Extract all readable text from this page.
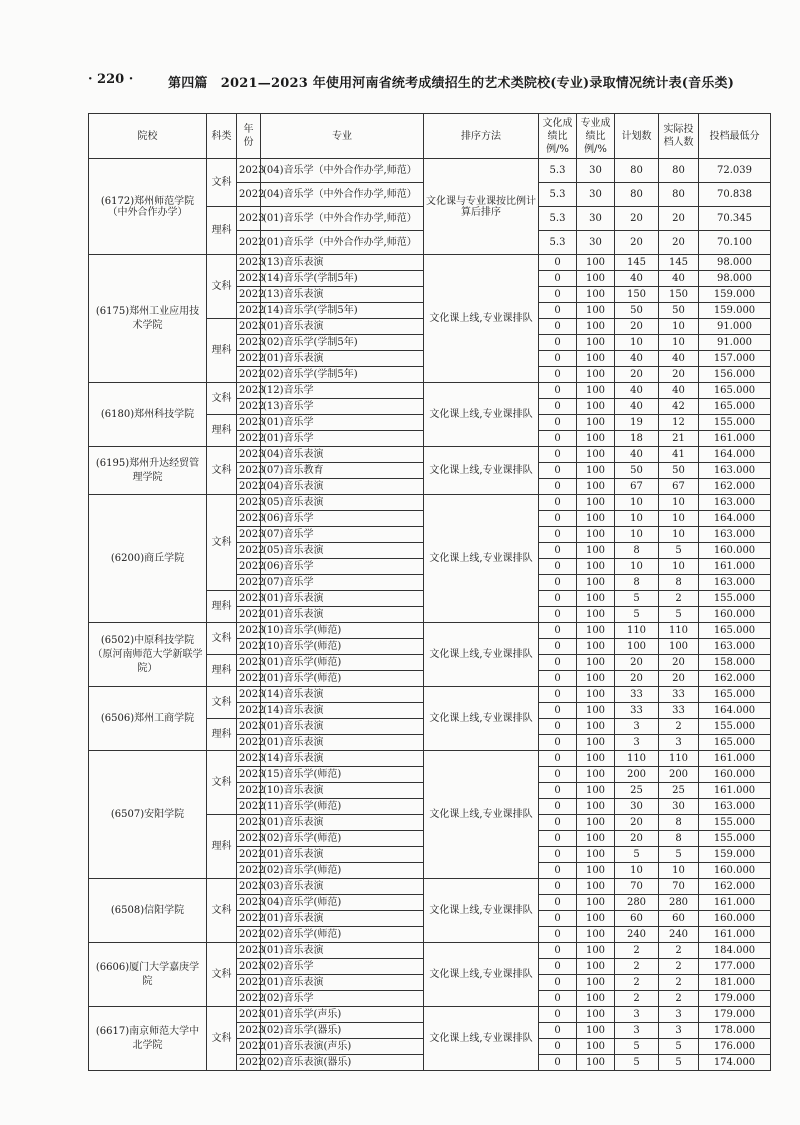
· 220 ·	第四篇　2021—2023 年使用河南省统考成绩招生的艺术类院校(专业)录取情况统计表(音乐类)
院校	科类	年份	专业	排序方法	文化成绩比例/%	专业成绩比例/%	计划数	实际投档人数	投档最低分
(6172)郑州师范学院（中外合作办学）	文科	2023	(04)音乐学（中外合作办学,师范）	文化课与专业课按比例计算后排序	5.3	30	80	80	72.039
		2022	(04)音乐学（中外合作办学,师范）		5.3	30	80	80	70.838
	理科	2023	(01)音乐学（中外合作办学,师范）		5.3	30	20	20	70.345
		2022	(01)音乐学（中外合作办学,师范）		5.3	30	20	20	70.100
(6175)郑州工业应用技术学院	文科	2023	(13)音乐表演	文化课上线,专业课排队	0	100	145	145	98.000
		2023	(14)音乐学(学制5年)		0	100	40	40	98.000
		2022	(13)音乐表演		0	100	150	150	159.000
		2022	(14)音乐学(学制5年)		0	100	50	50	159.000
	理科	2023	(01)音乐表演		0	100	20	10	91.000
		2023	(02)音乐学(学制5年)		0	100	10	10	91.000
		2022	(01)音乐表演		0	100	40	40	157.000
		2022	(02)音乐学(学制5年)		0	100	20	20	156.000
(6180)郑州科技学院	文科	2023	(12)音乐学	文化课上线,专业课排队	0	100	40	40	165.000
		2022	(13)音乐学		0	100	40	42	165.000
	理科	2023	(01)音乐学		0	100	19	12	155.000
		2022	(01)音乐学		0	100	18	21	161.000
(6195)郑州升达经贸管理学院	文科	2023	(04)音乐表演	文化课上线,专业课排队	0	100	40	41	164.000
		2023	(07)音乐教育		0	100	50	50	163.000
		2022	(04)音乐表演		0	100	67	67	162.000
(6200)商丘学院	文科	2023	(05)音乐表演	文化课上线,专业课排队	0	100	10	10	163.000
		2023	(06)音乐学		0	100	10	10	164.000
		2023	(07)音乐学		0	100	10	10	163.000
		2022	(05)音乐表演		0	100	8	5	160.000
		2022	(06)音乐学		0	100	10	10	161.000
		2022	(07)音乐学		0	100	8	8	163.000
	理科	2023	(01)音乐表演		0	100	5	2	155.000
		2022	(01)音乐表演		0	100	5	5	160.000
(6502)中原科技学院（原河南师范大学新联学院）	文科	2023	(10)音乐学(师范)	文化课上线,专业课排队	0	100	110	110	165.000
		2022	(10)音乐学(师范)		0	100	100	100	163.000
	理科	2023	(01)音乐学(师范)		0	100	20	20	158.000
		2022	(01)音乐学(师范)		0	100	20	20	162.000
(6506)郑州工商学院	文科	2023	(14)音乐表演	文化课上线,专业课排队	0	100	33	33	165.000
		2022	(14)音乐表演		0	100	33	33	164.000
	理科	2023	(01)音乐表演		0	100	3	2	155.000
		2022	(01)音乐表演		0	100	3	3	165.000
(6507)安阳学院	文科	2023	(14)音乐表演	文化课上线,专业课排队	0	100	110	110	161.000
		2023	(15)音乐学(师范)		0	100	200	200	160.000
		2022	(10)音乐表演		0	100	25	25	161.000
		2022	(11)音乐学(师范)		0	100	30	30	163.000
	理科	2023	(01)音乐表演		0	100	20	8	155.000
		2023	(02)音乐学(师范)		0	100	20	8	155.000
		2022	(01)音乐表演		0	100	5	5	159.000
		2022	(02)音乐学(师范)		0	100	10	10	160.000
(6508)信阳学院	文科	2023	(03)音乐表演	文化课上线,专业课排队	0	100	70	70	162.000
		2023	(04)音乐学(师范)		0	100	280	280	161.000
		2022	(01)音乐表演		0	100	60	60	160.000
		2022	(02)音乐学(师范)		0	100	240	240	161.000
(6606)厦门大学嘉庚学院	文科	2023	(01)音乐表演	文化课上线,专业课排队	0	100	2	2	184.000
		2023	(02)音乐学		0	100	2	2	177.000
		2022	(01)音乐表演		0	100	2	2	181.000
		2022	(02)音乐学		0	100	2	2	179.000
(6617)南京师范大学中北学院	文科	2023	(01)音乐学(声乐)	文化课上线,专业课排队	0	100	3	3	179.000
		2023	(02)音乐学(器乐)		0	100	3	3	178.000
		2022	(01)音乐表演(声乐)		0	100	5	5	176.000
		2022	(02)音乐表演(器乐)		0	100	5	5	174.000
